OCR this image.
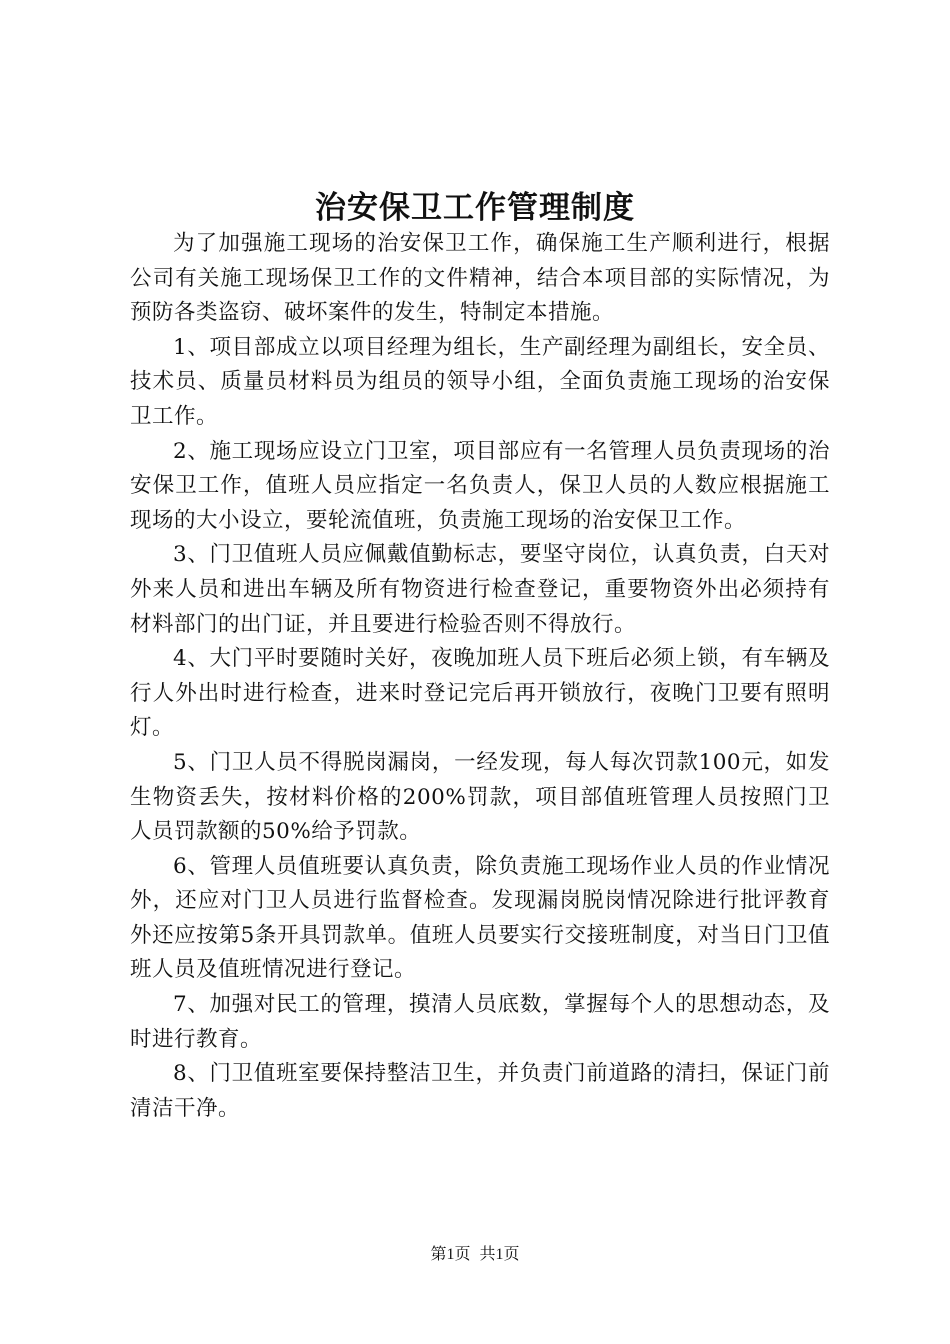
治安保卫工作管理制度

为了加强施工现场的治安保卫工作，确保施工生产顺利进行，根据公司有关施工现场保卫工作的文件精神，结合本项目部的实际情况，为预防各类盗窃、破坏案件的发生，特制定本措施。

1、项目部成立以项目经理为组长，生产副经理为副组长，安全员、技术员、质量员材料员为组员的领导小组，全面负责施工现场的治安保卫工作。

2、施工现场应设立门卫室，项目部应有一名管理人员负责现场的治安保卫工作，值班人员应指定一名负责人，保卫人员的人数应根据施工现场的大小设立，要轮流值班，负责施工现场的治安保卫工作。

3、门卫值班人员应佩戴值勤标志，要坚守岗位，认真负责，白天对外来人员和进出车辆及所有物资进行检查登记，重要物资外出必须持有材料部门的出门证，并且要进行检验否则不得放行。

4、大门平时要随时关好，夜晚加班人员下班后必须上锁，有车辆及行人外出时进行检查，进来时登记完后再开锁放行，夜晚门卫要有照明灯。

5、门卫人员不得脱岗漏岗，一经发现，每人每次罚款100元，如发生物资丢失，按材料价格的200%罚款，项目部值班管理人员按照门卫人员罚款额的50%给予罚款。

6、管理人员值班要认真负责，除负责施工现场作业人员的作业情况外，还应对门卫人员进行监督检查。发现漏岗脱岗情况除进行批评教育外还应按第5条开具罚款单。值班人员要实行交接班制度，对当日门卫值班人员及值班情况进行登记。

7、加强对民工的管理，摸清人员底数，掌握每个人的思想动态，及时进行教育。

8、门卫值班室要保持整洁卫生，并负责门前道路的清扫，保证门前清洁干净。

第1页 共1页
